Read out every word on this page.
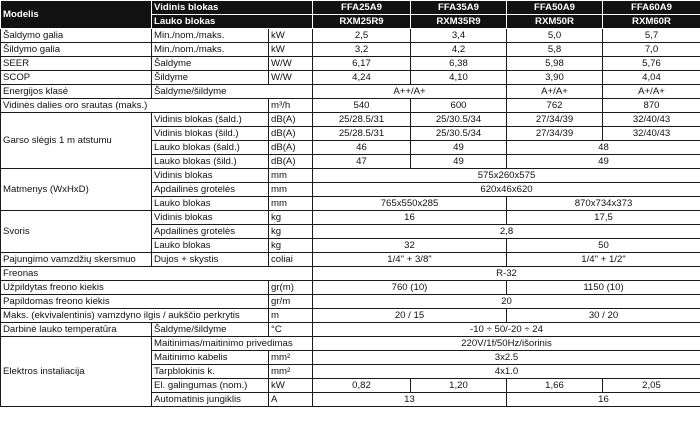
Modelis	Vidinis blokas		FFA25A9	FFA35A9	FFA50A9	FFA60A9
	Lauko blokas		RXM25R9	RXM35R9	RXM50R	RXM60R
Šaldymo galia	Min./nom./maks.	kW	2,5	3,4	5,0	5,7
Šildymo galia	Min./nom./maks.	kW	3,2	4,2	5,8	7,0
SEER	Šaldyme	W/W	6,17	6,38	5,98	5,76
SCOP	Šildyme	W/W	4,24	4,10	3,90	4,04
Energijos klasė	Šaldyme/šildyme		A++/A+		A+/A+	A+/A+
Vidinės dalies oro srautas (maks.)		m³/h	540	600	762	870
Garso slėgis 1 m atstumu	Vidinis blokas (šald.)	dB(A)	25/28.5/31	25/30.5/34	27/34/39	32/40/43
	Vidinis blokas (šild.)	dB(A)	25/28.5/31	25/30.5/34	27/34/39	32/40/43
	Lauko blokas (šald.)	dB(A)	46	49	48	
	Lauko blokas (šild.)	dB(A)	47	49	49	
Matmenys (WxHxD)	Vidinis blokas	mm	575x260x575			
	Apdailinės grotelės	mm	620x46x620			
	Lauko blokas	mm	765x550x285		870x734x373	
Svoris	Vidinis blokas	kg	16		17,5	
	Apdailinės grotelės	kg	2,8			
	Lauko blokas	kg	32		50	
Pajungimo vamzdžių skersmuo	Dujos + skystis	coliai	1/4" + 3/8"		1/4" + 1/2"	
Freonas			R-32			
Užpildytas freono kiekis		gr(m)	760 (10)		1150 (10)	
Papildomas freono kiekis		gr/m	20			
Maks. (ekvivalentinis) vamzdyno ilgis / aukščio perkrytis		m	20 / 15		30 / 20	
Darbinė lauko temperatūra	Šaldyme/šildyme	°C	-10 ÷ 50/-20 ÷ 24			
Elektros instaliacija	Maitinimas/maitinimo privedimas		220V/1f/50Hz/išorinis			
	Maitinimo kabelis	mm²	3x2.5			
	Tarpblokinis k.	mm²	4x1.0			
	El. galingumas (nom.)	kW	0,82	1,20	1,66	2,05
	Automatinis jungiklis	A	13		16	
